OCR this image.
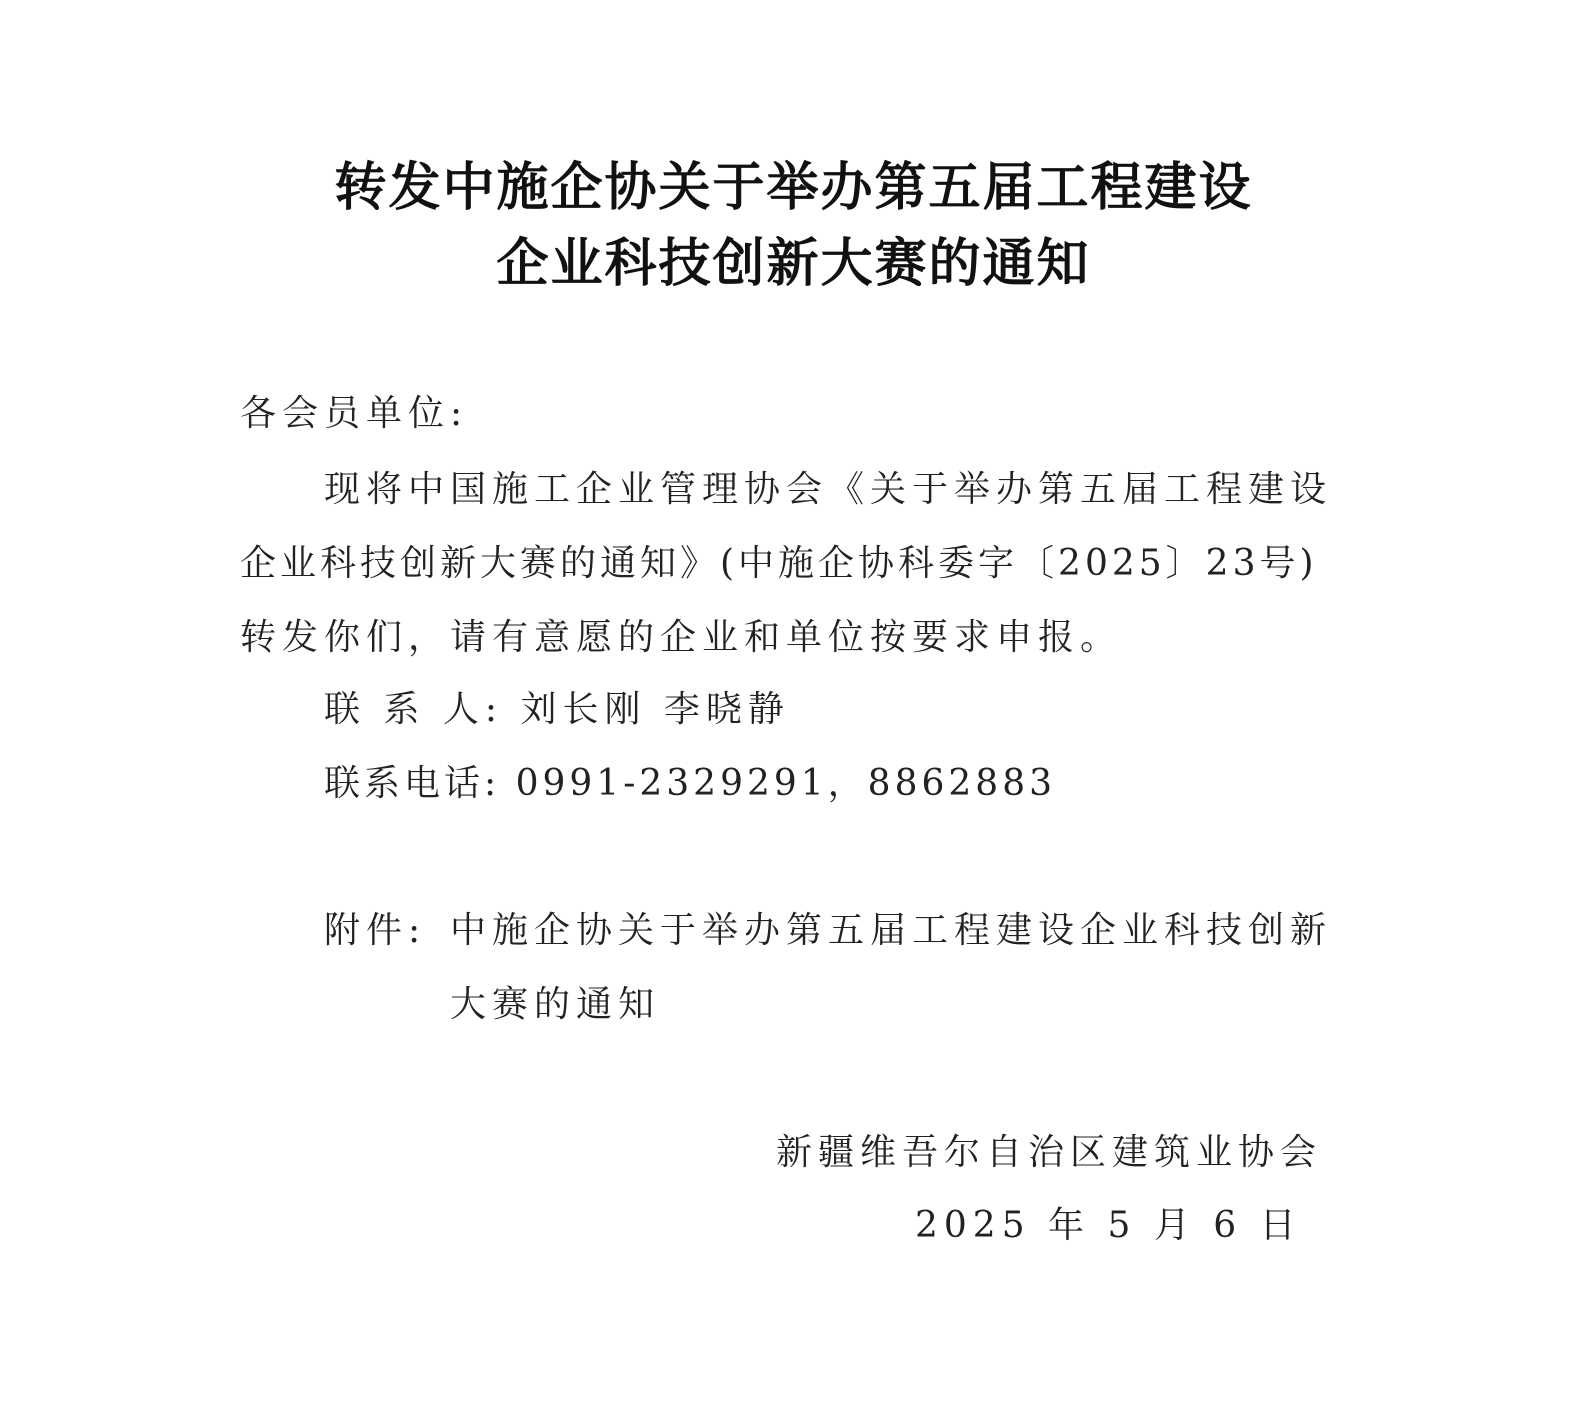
转发中施企协关于举办第五届工程建设
企业科技创新大赛的通知
各会员单位:
现将中国施工企业管理协会《关于举办第五届工程建设
企业科技创新大赛的通知》(中施企协科委字〔2025〕23号)
转发你们，请有意愿的企业和单位按要求申报。
联 系 人: 刘长刚 李晓静
联系电话: 0991-2329291，8862883
附件: 中施企协关于举办第五届工程建设企业科技创新
大赛的通知
新疆维吾尔自治区建筑业协会
2025 年 5 月 6 日
